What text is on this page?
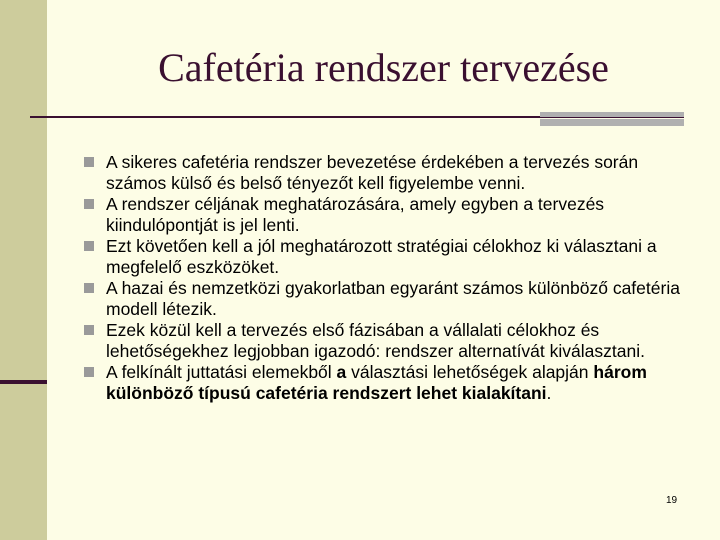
Cafetéria rendszer tervezése
A sikeres cafetéria rendszer bevezetése érdekében a tervezés során számos külső és belső tényezőt kell figyelembe venni.
A rendszer céljának meghatározására, amely egyben a tervezés kiindulópontját is jel lenti.
Ezt követően kell a jól meghatározott stratégiai célokhoz ki választani a megfelelő eszközöket.
A hazai és nemzetközi gyakorlatban egyaránt számos különböző cafetéria modell létezik.
Ezek közül kell a tervezés első fázisában a vállalati célokhoz és lehetőségekhez legjobban igazodó: rendszer alternatívát kiválasztani.
A felkínált juttatási elemekből a választási lehetőségek alapján három különböző típusú cafetéria rendszert lehet kialakítani.
19
